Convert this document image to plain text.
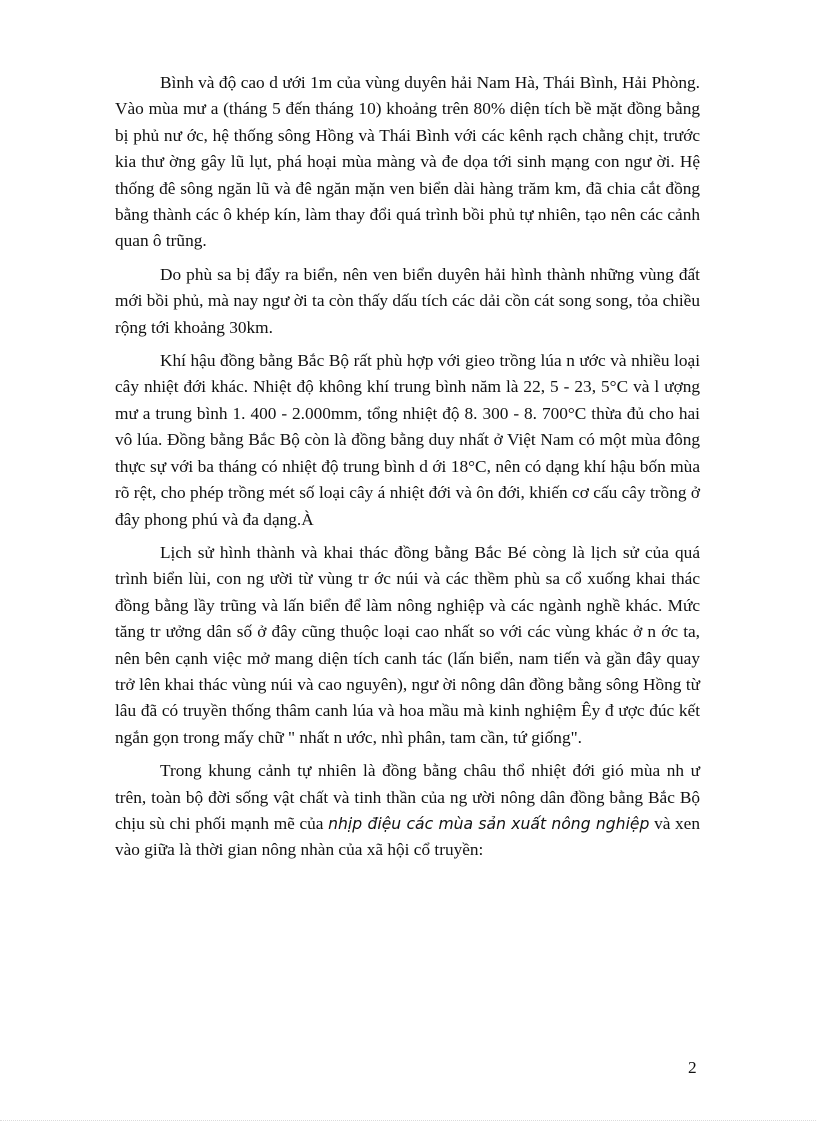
Bình và độ cao d ưới 1m của vùng duyên hải Nam Hà, Thái Bình, Hải Phòng. Vào mùa mư a (tháng 5 đến tháng 10) khoảng trên 80% diện tích bề mặt đồng bằng bị phủ nư ớc, hệ thống sông Hồng và Thái Bình với các kênh rạch chằng chịt, trước kia thư ờng gây lũ lụt, phá hoại mùa màng và đe dọa tới sinh mạng con ngư ời. Hệ thống đê sông ngăn lũ và đê ngăn mặn ven biển dài hàng trăm km, đã chia cắt đồng bằng thành các ô khép kín, làm thay đổi quá trình bồi phủ tự nhiên, tạo nên các cảnh quan ô trũng.

Do phù sa bị đẩy ra biển, nên ven biển duyên hải hình thành những vùng đất mới bồi phủ, mà nay ngư ời ta còn thấy dấu tích các dải cồn cát song song, tỏa chiều rộng tới khoảng 30km.

Khí hậu đồng bằng Bắc Bộ rất phù hợp với gieo trồng lúa n ước và nhiều loại cây nhiệt đới khác. Nhiệt độ không khí trung bình năm là 22, 5 - 23, 5°C và l ượng mư a trung bình 1. 400 - 2.000mm, tổng nhiệt độ 8. 300 - 8. 700°C thừa đủ cho hai vô lúa. Đồng bằng Bắc Bộ còn là đồng bằng duy nhất ở Việt Nam có một mùa đông thực sự với ba tháng có nhiệt độ trung bình d ới 18°C, nên có dạng khí hậu bốn mùa rõ rệt, cho phép trồng mét số loại cây á nhiệt đới và ôn đới, khiến cơ cấu cây trồng ở đây phong phú và đa dạng.À

Lịch sử hình thành và khai thác đồng bằng Bắc Bé còng là lịch sử của quá trình biển lùi, con ng ười từ vùng tr ớc núi và các thềm phù sa cổ xuống khai thác đồng bằng lầy trũng và lấn biển để làm nông nghiệp và các ngành nghề khác. Mức tăng tr ưởng dân số ở đây cũng thuộc loại cao nhất so với các vùng khác ở n ớc ta, nên bên cạnh việc mở mang diện tích canh tác (lấn biển, nam tiến và gần đây quay trở lên khai thác vùng núi và cao nguyên), ngư ời nông dân đồng bằng sông Hồng từ lâu đã có truyền thống thâm canh lúa và hoa mầu mà kinh nghiệm Êy đ ược đúc kết ngắn gọn trong mấy chữ " nhất n ước, nhì phân, tam cần, tứ giống".

Trong khung cảnh tự nhiên là đồng bằng châu thổ nhiệt đới gió mùa nh ư trên, toàn bộ đời sống vật chất và tinh thần của ng ười nông dân đồng bằng Bắc Bộ chịu sù chi phối mạnh mẽ của nhịp điệu các mùa sản xuất nông nghiệp và xen vào giữa là thời gian nông nhàn của xã hội cổ truyền:

2
